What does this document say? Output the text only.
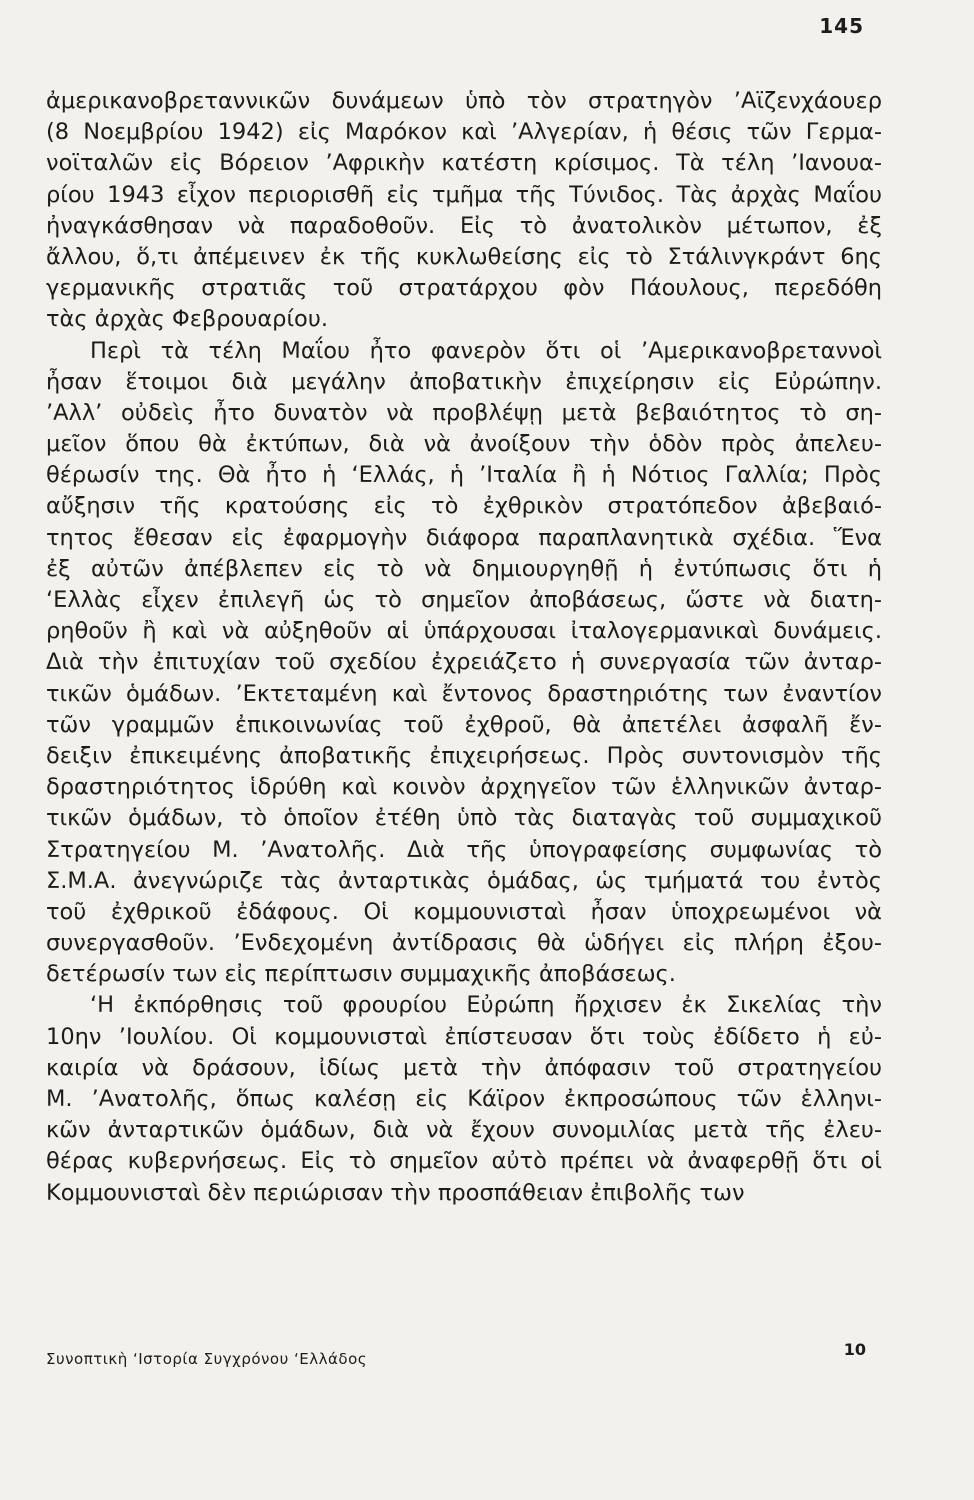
145
ἀμερικανοβρεταννικῶν δυνάμεων ὑπὸ τὸν στρατηγὸν ’Αϊζενχάουερ
(8 Νοεμβρίου 1942) εἰς Μαρόκον καὶ ’Αλγερίαν, ἡ θέσις τῶν Γερμα-
νοϊταλῶν εἰς Βόρειον ’Αφρικὴν κατέστη κρίσιμος. Τὰ τέλη ’Ιανουα-
ρίου 1943 εἶχον περιορισθῆ εἰς τμῆμα τῆς Τύνιδος. Τὰς ἀρχὰς Μαΐου
ἠναγκάσθησαν νὰ παραδοθοῦν. Εἰς τὸ ἀνατολικὸν μέτωπον, ἐξ
ἄλλου, ὅ,τι ἀπέμεινεν ἐκ τῆς κυκλωθείσης εἰς τὸ Στάλινγκράντ 6ης
γερμανικῆς στρατιᾶς τοῦ στρατάρχου φὸν Πάουλους, περεδόθη
τὰς ἀρχὰς Φεβρουαρίου.
Περὶ τὰ τέλη Μαΐου ἦτο φανερὸν ὅτι οἱ ’Αμερικανοβρεταννοὶ
ἦσαν ἕτοιμοι διὰ μεγάλην ἀποβατικὴν ἐπιχείρησιν εἰς Εὐρώπην.
’Αλλ’ οὐδεὶς ἦτο δυνατὸν νὰ προβλέψῃ μετὰ βεβαιότητος τὸ ση-
μεῖον ὅπου θὰ ἐκτύπων, διὰ νὰ ἀνοίξουν τὴν ὁδὸν πρὸς ἀπελευ-
θέρωσίν της. Θὰ ἦτο ἡ ‘Ελλάς, ἡ ’Ιταλία ἢ ἡ Νότιος Γαλλία; Πρὸς
αὔξησιν τῆς κρατούσης εἰς τὸ ἐχθρικὸν στρατόπεδον ἀβεβαιό-
τητος ἔθεσαν εἰς ἐφαρμογὴν διάφορα παραπλανητικὰ σχέδια. Ἕνα
ἐξ αὐτῶν ἀπέβλεπεν εἰς τὸ νὰ δημιουργηθῇ ἡ ἐντύπωσις ὅτι ἡ
‘Ελλὰς εἶχεν ἐπιλεγῆ ὡς τὸ σημεῖον ἀποβάσεως, ὥστε νὰ διατη-
ρηθοῦν ἢ καὶ νὰ αὐξηθοῦν αἱ ὑπάρχουσαι ἰταλογερμανικαὶ δυνάμεις.
Διὰ τὴν ἐπιτυχίαν τοῦ σχεδίου ἐχρειάζετο ἡ συνεργασία τῶν ἀνταρ-
τικῶν ὁμάδων. ’Εκτεταμένη καὶ ἔντονος δραστηριότης των ἐναντίον
τῶν γραμμῶν ἐπικοινωνίας τοῦ ἐχθροῦ, θὰ ἀπετέλει ἀσφαλῆ ἔν-
δειξιν ἐπικειμένης ἀποβατικῆς ἐπιχειρήσεως. Πρὸς συντονισμὸν τῆς
δραστηριότητος ἱδρύθη καὶ κοινὸν ἀρχηγεῖον τῶν ἑλληνικῶν ἀνταρ-
τικῶν ὁμάδων, τὸ ὁποῖον ἐτέθη ὑπὸ τὰς διαταγὰς τοῦ συμμαχικοῦ
Στρατηγείου Μ. ’Ανατολῆς. Διὰ τῆς ὑπογραφείσης συμφωνίας τὸ
Σ.Μ.Α. ἀνεγνώριζε τὰς ἀνταρτικὰς ὁμάδας, ὡς τμήματά του ἐντὸς
τοῦ ἐχθρικοῦ ἐδάφους. Οἱ κομμουνισταὶ ἦσαν ὑποχρεωμένοι νὰ
συνεργασθοῦν. ’Ενδεχομένη ἀντίδρασις θὰ ὡδήγει εἰς πλήρη ἐξου-
δετέρωσίν των εἰς περίπτωσιν συμμαχικῆς ἀποβάσεως.
‘Η ἐκπόρθησις τοῦ φρουρίου Εὐρώπη ἤρχισεν ἐκ Σικελίας τὴν
10ην ’Ιουλίου. Οἱ κομμουνισταὶ ἐπίστευσαν ὅτι τοὺς ἐδίδετο ἡ εὐ-
καιρία νὰ δράσουν, ἰδίως μετὰ τὴν ἀπόφασιν τοῦ στρατηγείου
Μ. ’Ανατολῆς, ὅπως καλέσῃ εἰς Κάϊρον ἐκπροσώπους τῶν ἑλληνι-
κῶν ἀνταρτικῶν ὁμάδων, διὰ νὰ ἔχουν συνομιλίας μετὰ τῆς ἐλευ-
θέρας κυβερνήσεως. Εἰς τὸ σημεῖον αὐτὸ πρέπει νὰ ἀναφερθῇ ὅτι οἱ
Κομμουνισταὶ δὲν περιώρισαν τὴν προσπάθειαν ἐπιβολῆς των
Συνοπτικὴ ‘Ιστορία Συγχρόνου ‘Ελλάδος	10
